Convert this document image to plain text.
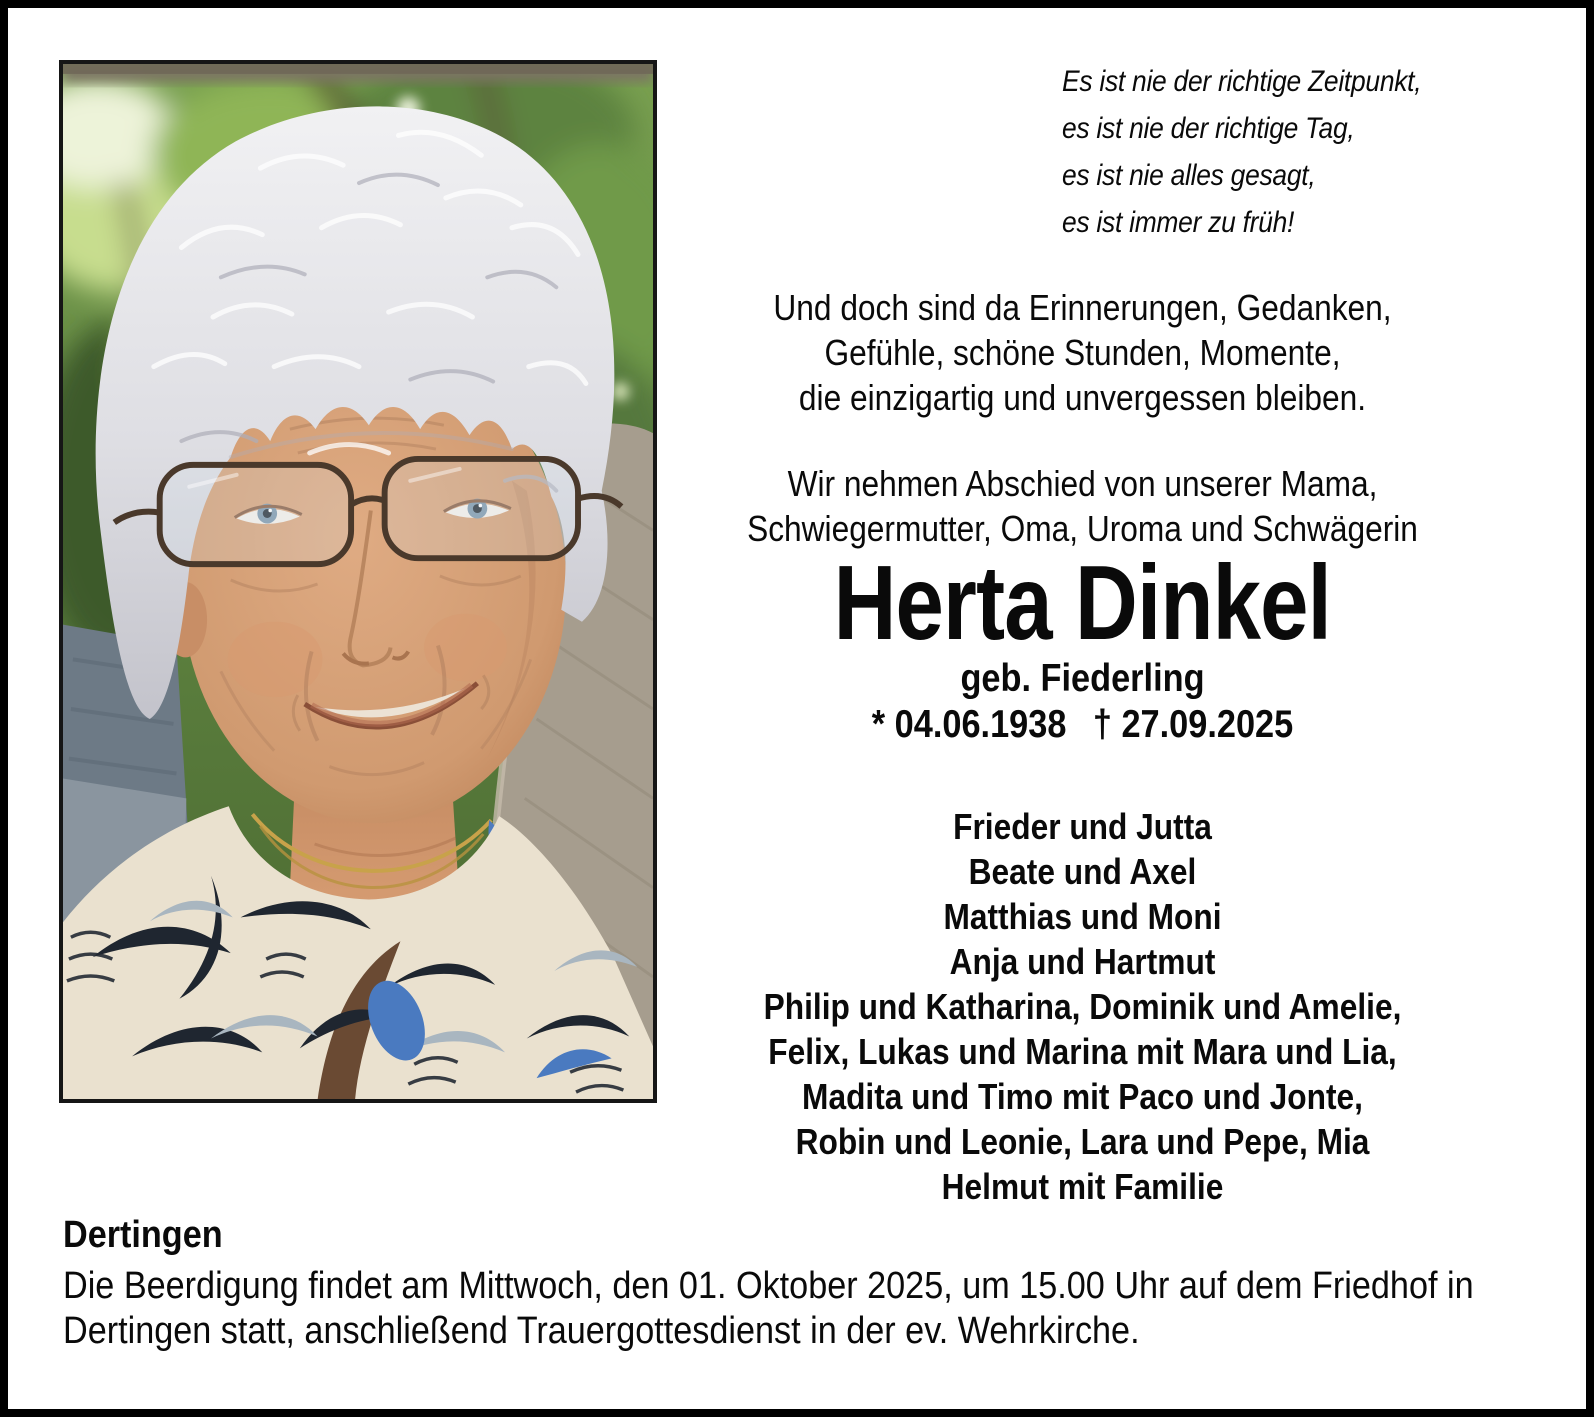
Es ist nie der richtige Zeitpunkt,
es ist nie der richtige Tag,
es ist nie alles gesagt,
es ist immer zu früh!
Und doch sind da Erinnerungen, Gedanken,
Gefühle, schöne Stunden, Momente,
die einzigartig und unvergessen bleiben.
Wir nehmen Abschied von unserer Mama,
Schwiegermutter, Oma, Uroma und Schwägerin
Herta Dinkel
geb. Fiederling
* 04.06.1938 † 27.09.2025
Frieder und Jutta
Beate und Axel
Matthias und Moni
Anja und Hartmut
Philip und Katharina, Dominik und Amelie,
Felix, Lukas und Marina mit Mara und Lia,
Madita und Timo mit Paco und Jonte,
Robin und Leonie, Lara und Pepe, Mia
Helmut mit Familie
Dertingen
Die Beerdigung findet am Mittwoch, den 01. Oktober 2025, um 15.00 Uhr auf dem Friedhof in
Dertingen statt, anschließend Trauergottesdienst in der ev. Wehrkirche.
